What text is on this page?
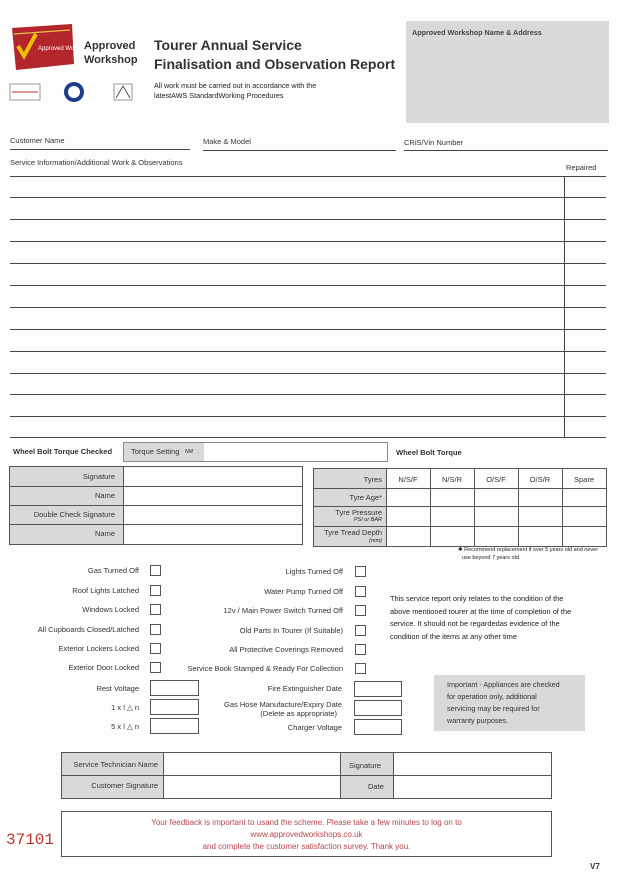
Approved Workshops
Approved
Workshop
Tourer Annual Service
Finalisation and Observation Report
All work must be carried out in accordance with the
latestAWS StandardWorking Procedures
Approved Workshop Name & Address
Customer Name	Make & Model	CRiS/Vin Number
Service Information/Additional Work & Observations
Repaired
Wheel Bolt Torque Checked	Torque Setting NM	Wheel Bolt Torque
Signature
Name
Double Check Signature
Name
Tyres	N/S/F	N/S/R	O/S/F	O/S/R	Spare
Tyre Age*
Tyre Pressure
PSI or BAR
Tyre Tread Depth
(mm)
✱ Recommend replacement if over 5 years old and never
use beyond 7 years old.
Gas Turned Off
Roof Lights Latched
Windows Locked
All Cupboards Closed/Latched
Exterior Lockers Locked
Exterior Door Locked
Lights Turned Off
Water Pump Turned Off
12v / Main Power Switch Turned Off
Old Parts In Tourer (If Suitable)
All Protective Coverings Removed
Service Book Stamped & Ready For Collection
This service report only relates to the condition of the
above mentioned tourer at the time of completion of the
service. It should not be regardedas evidence of the
condition of the items at any other time
Rest Voltage
1 x l △ n
5 x l △ n
Fire Extinguisher Date
Gas Hose Manufacture/Expiry Date
(Delete as appropriate)
Charger Voltage
Important - Appliances are checked
for operation only, additional
servicing may be required for
warranty purposes.
Service Technician Name
Customer Signature
Signature
Date
Your feedback is important to usand the scheme. Please take a few minutes to log on to
www.approvedworkshops.co.uk
and complete the customer satisfaction survey. Thank you.
37101
V7
